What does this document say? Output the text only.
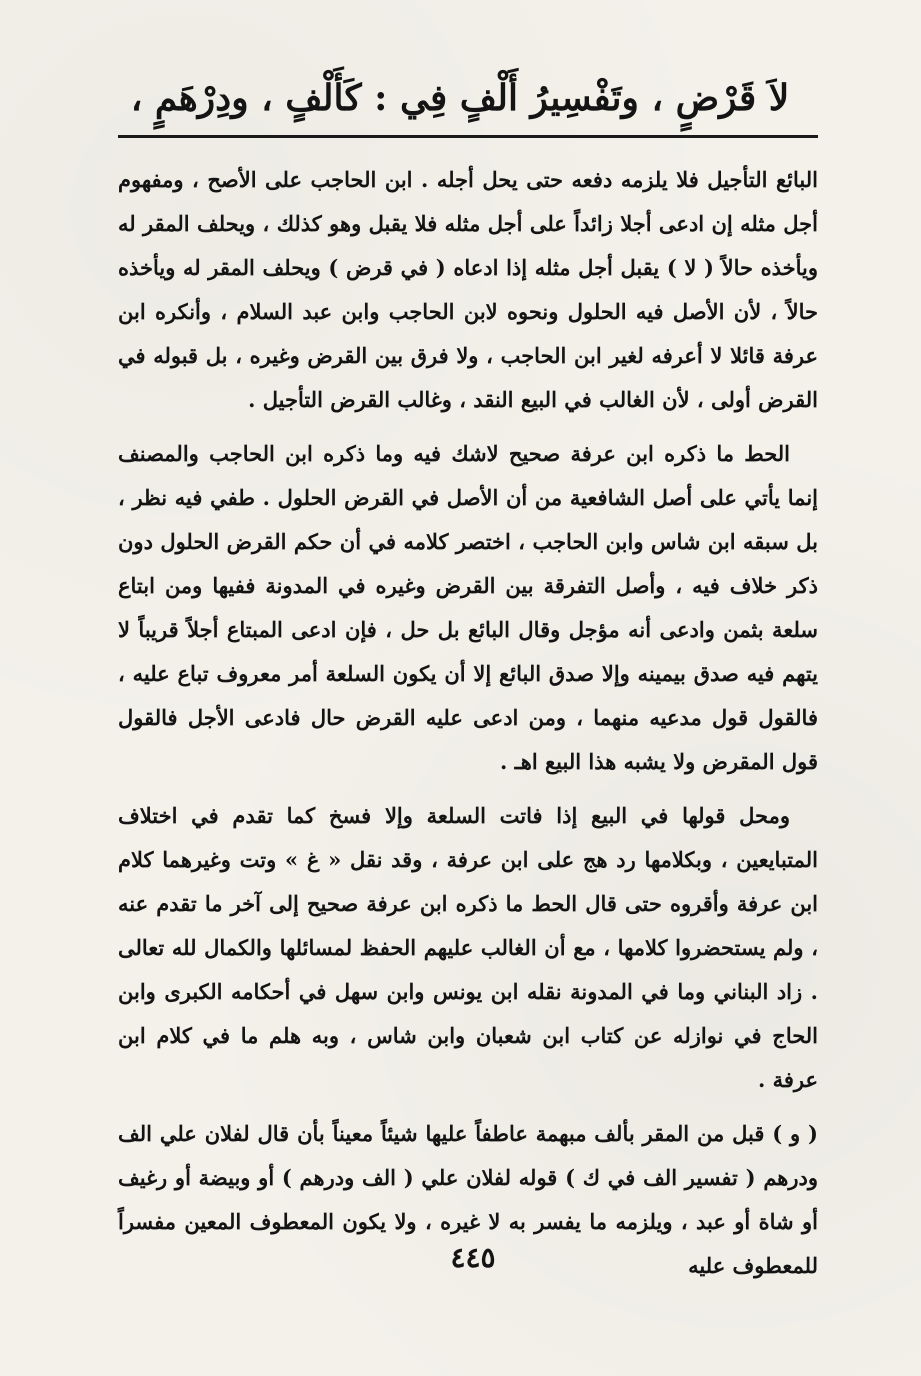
لاَ قَرْضٍ ، وتَفْسِيرُ أَلْفٍ فِي : كَأَلْفٍ ، ودِرْهَمٍ ،

البائع التأجيل فلا يلزمه دفعه حتى يحل أجله . ابن الحاجب على الأصح ، ومفهوم أجل مثله إن ادعى أجلا زائداً على أجل مثله فلا يقبل وهو كذلك ، ويحلف المقر له ويأخذه حالاً ( لا ) يقبل أجل مثله إذا ادعاه ( في قرض ) ويحلف المقر له ويأخذه حالاً ، لأن الأصل فيه الحلول ونحوه لابن الحاجب وابن عبد السلام ، وأنكره ابن عرفة قائلا لا أعرفه لغير ابن الحاجب ، ولا فرق بين القرض وغيره ، بل قبوله في القرض أولى ، لأن الغالب في البيع النقد ، وغالب القرض التأجيل .

الحط ما ذكره ابن عرفة صحيح لاشك فيه وما ذكره ابن الحاجب والمصنف إنما يأتي على أصل الشافعية من أن الأصل في القرض الحلول . طفي فيه نظر ، بل سبقه ابن شاس وابن الحاجب ، اختصر كلامه في أن حكم القرض الحلول دون ذكر خلاف فيه ، وأصل التفرقة بين القرض وغيره في المدونة ففيها ومن ابتاع سلعة بثمن وادعى أنه مؤجل وقال البائع بل حل ، فإن ادعى المبتاع أجلاً قريباً لا يتهم فيه صدق بيمينه وإلا صدق البائع إلا أن يكون السلعة أمر معروف تباع عليه ، فالقول قول مدعيه منهما ، ومن ادعى عليه القرض حال فادعى الأجل فالقول قول المقرض ولا يشبه هذا البيع اهـ .

ومحل قولها في البيع إذا فاتت السلعة وإلا فسخ كما تقدم في اختلاف المتبايعين ، وبكلامها رد هج على ابن عرفة ، وقد نقل « غ » وتت وغيرهما كلام ابن عرفة وأقروه حتى قال الحط ما ذكره ابن عرفة صحيح إلى آخر ما تقدم عنه ، ولم يستحضروا كلامها ، مع أن الغالب عليهم الحفظ لمسائلها والكمال لله تعالى . زاد البناني وما في المدونة نقله ابن يونس وابن سهل في أحكامه الكبرى وابن الحاج في نوازله عن كتاب ابن شعبان وابن شاس ، وبه هلم ما في كلام ابن عرفة .

( و ) قبل من المقر بألف مبهمة عاطفاً عليها شيئاً معيناً بأن قال لفلان علي الف ودرهم ( تفسير الف في ك ) قوله لفلان علي ( الف ودرهم ) أو وبيضة أو رغيف أو شاة أو عبد ، ويلزمه ما يفسر به لا غيره ، ولا يكون المعطوف المعين مفسراً للمعطوف عليه

٤٤٥
